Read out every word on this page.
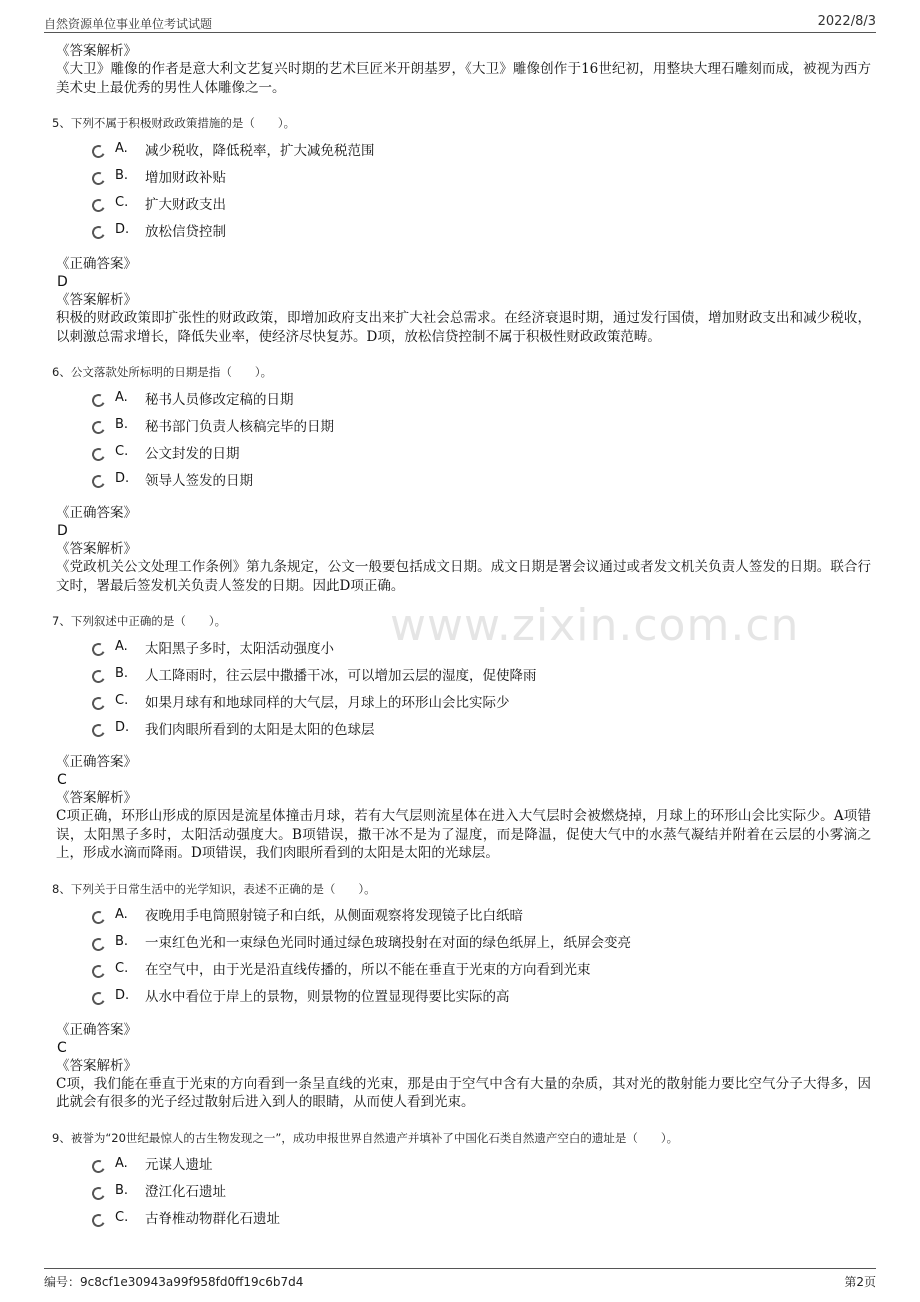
自然资源单位事业单位考试试题	2022/8/3
www.zixin.com.cn
《答案解析》
《大卫》雕像的作者是意大利文艺复兴时期的艺术巨匠米开朗基罗，《大卫》雕像创作于16世纪初，用整块大理石雕刻而成，被视为西方美术史上最优秀的男性人体雕像之一。
5、下列不属于积极财政政策措施的是（　　）。
A.	减少税收，降低税率，扩大减免税范围
B.	增加财政补贴
C.	扩大财政支出
D.	放松信贷控制
《正确答案》
D
《答案解析》
积极的财政政策即扩张性的财政政策，即增加政府支出来扩大社会总需求。在经济衰退时期，通过发行国债，增加财政支出和减少税收，以刺激总需求增长，降低失业率，使经济尽快复苏。D项，放松信贷控制不属于积极性财政政策范畴。
6、公文落款处所标明的日期是指（　　）。
A.	秘书人员修改定稿的日期
B.	秘书部门负责人核稿完毕的日期
C.	公文封发的日期
D.	领导人签发的日期
《正确答案》
D
《答案解析》
《党政机关公文处理工作条例》第九条规定，公文一般要包括成文日期。成文日期是署会议通过或者发文机关负责人签发的日期。联合行文时，署最后签发机关负责人签发的日期。因此D项正确。
7、下列叙述中正确的是（　　）。
A.	太阳黑子多时，太阳活动强度小
B.	人工降雨时，往云层中撒播干冰，可以增加云层的湿度，促使降雨
C.	如果月球有和地球同样的大气层，月球上的环形山会比实际少
D.	我们肉眼所看到的太阳是太阳的色球层
《正确答案》
C
《答案解析》
C项正确，环形山形成的原因是流星体撞击月球，若有大气层则流星体在进入大气层时会被燃烧掉，月球上的环形山会比实际少。A项错误，太阳黑子多时，太阳活动强度大。B项错误，撒干冰不是为了湿度，而是降温，促使大气中的水蒸气凝结并附着在云层的小雾滴之上，形成水滴而降雨。D项错误，我们肉眼所看到的太阳是太阳的光球层。
8、下列关于日常生活中的光学知识，表述不正确的是（　　）。
A.	夜晚用手电筒照射镜子和白纸，从侧面观察将发现镜子比白纸暗
B.	一束红色光和一束绿色光同时通过绿色玻璃投射在对面的绿色纸屏上，纸屏会变亮
C.	在空气中，由于光是沿直线传播的，所以不能在垂直于光束的方向看到光束
D.	从水中看位于岸上的景物，则景物的位置显现得要比实际的高
《正确答案》
C
《答案解析》
C项，我们能在垂直于光束的方向看到一条呈直线的光束，那是由于空气中含有大量的杂质，其对光的散射能力要比空气分子大得多，因此就会有很多的光子经过散射后进入到人的眼睛，从而使人看到光束。
9、被誉为“20世纪最惊人的古生物发现之一”，成功申报世界自然遗产并填补了中国化石类自然遗产空白的遗址是（　　）。
A.	元谋人遗址
B.	澄江化石遗址
C.	古脊椎动物群化石遗址
编号：9c8cf1e30943a99f958fd0ff19c6b7d4	第2页
